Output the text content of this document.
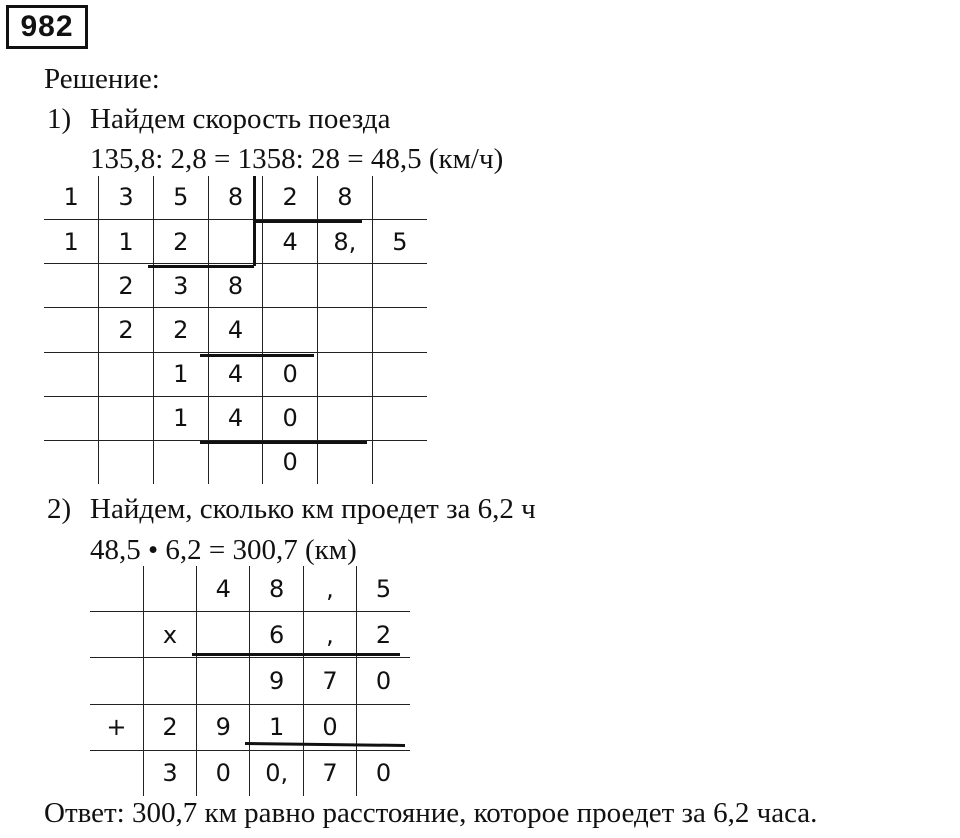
982
Решение:
1) Найдем скорость поезда
135,8: 2,8 = 1358: 28 = 48,5 (км/ч)
1	3	5	8	2	8	
1	1	2		4	8,	5
	2	3	8			
	2	2	4			
		1	4	0		
		1	4	0		
				0		
2) Найдем, сколько км проедет за 6,2 ч
48,5 • 6,2 = 300,7 (км)
		4	8	,	5
	x		6	,	2
			9	7	0
+	2	9	1	0	
	3	0	0,	7	0
Ответ: 300,7 км равно расстояние, которое проедет за 6,2 часа.
